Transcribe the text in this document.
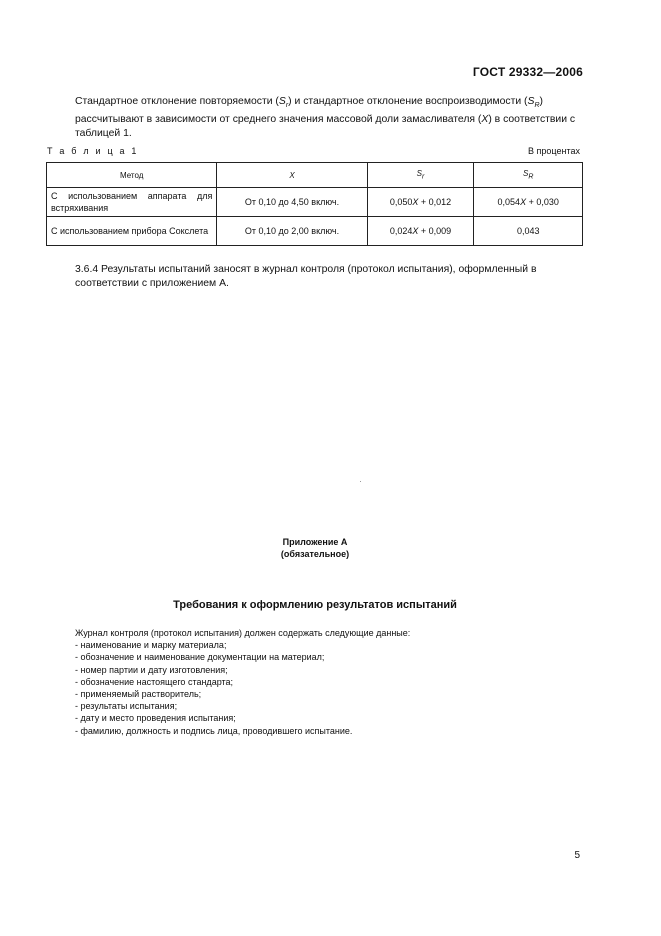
ГОСТ 29332—2006
Стандартное отклонение повторяемости $(S_r)$ и стандартное отклонение воспроизводимости $(S_R)$ рассчитывают в зависимости от среднего значения массовой доли замасливателя (X) в соответствии с таблицей 1.
Т а б л и ц а 1	В процентах
Метод	X	$S_r$	$S_R$
С использованием аппарата для встряхивания	От 0,10 до 4,50 включ.	0,050X + 0,012	0,054X + 0,030
С использованием прибора Сокслета	От 0,10 до 2,00 включ.	0,024X + 0,009	0,043
3.6.4 Результаты испытаний заносят в журнал контроля (протокол испытания), оформленный в соответствии с приложением А.
Приложение А
(обязательное)
Требования к оформлению результатов испытаний
Журнал контроля (протокол испытания) должен содержать следующие данные:
- наименование и марку материала;
- обозначение и наименование документации на материал;
- номер партии и дату изготовления;
- обозначение настоящего стандарта;
- применяемый растворитель;
- результаты испытания;
- дату и место проведения испытания;
- фамилию, должность и подпись лица, проводившего испытание.
5
